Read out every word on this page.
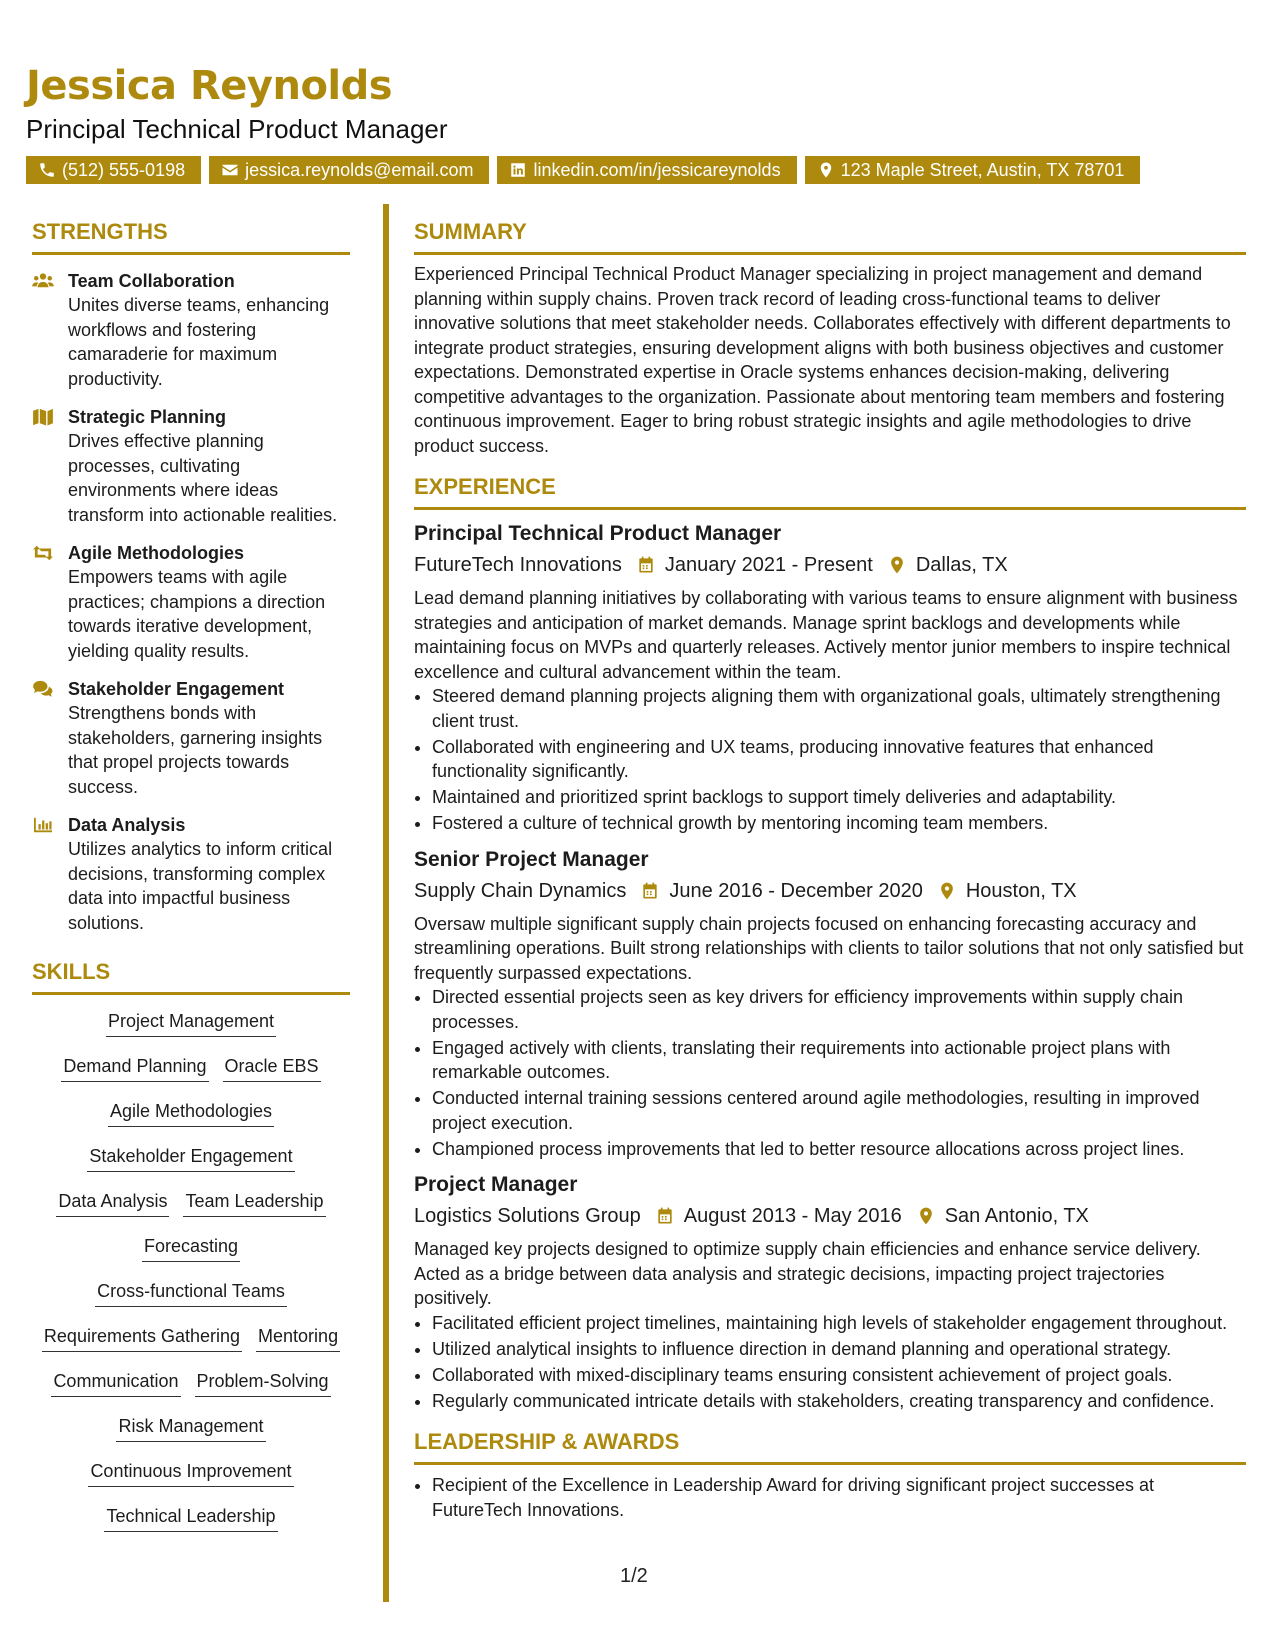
Jessica Reynolds
Principal Technical Product Manager
(512) 555-0198	jessica.reynolds@email.com	linkedin.com/in/jessicareynolds	123 Maple Street, Austin, TX 78701
STRENGTHS
Team Collaboration
Unites diverse teams, enhancing workflows and fostering camaraderie for maximum productivity.
Strategic Planning
Drives effective planning processes, cultivating environments where ideas transform into actionable realities.
Agile Methodologies
Empowers teams with agile practices; champions a direction towards iterative development, yielding quality results.
Stakeholder Engagement
Strengthens bonds with stakeholders, garnering insights that propel projects towards success.
Data Analysis
Utilizes analytics to inform critical decisions, transforming complex data into impactful business solutions.
SKILLS
Project Management
Demand Planning Oracle EBS
Agile Methodologies
Stakeholder Engagement
Data Analysis Team Leadership
Forecasting
Cross-functional Teams
Requirements Gathering Mentoring
Communication Problem-Solving
Risk Management
Continuous Improvement
Technical Leadership
SUMMARY
Experienced Principal Technical Product Manager specializing in project management and demand planning within supply chains. Proven track record of leading cross-functional teams to deliver innovative solutions that meet stakeholder needs. Collaborates effectively with different departments to integrate product strategies, ensuring development aligns with both business objectives and customer expectations. Demonstrated expertise in Oracle systems enhances decision-making, delivering competitive advantages to the organization. Passionate about mentoring team members and fostering continuous improvement. Eager to bring robust strategic insights and agile methodologies to drive product success.
EXPERIENCE
Principal Technical Product Manager
FutureTech Innovations January 2021 - Present Dallas, TX
Lead demand planning initiatives by collaborating with various teams to ensure alignment with business strategies and anticipation of market demands. Manage sprint backlogs and developments while maintaining focus on MVPs and quarterly releases. Actively mentor junior members to inspire technical excellence and cultural advancement within the team.
• Steered demand planning projects aligning them with organizational goals, ultimately strengthening client trust.
• Collaborated with engineering and UX teams, producing innovative features that enhanced functionality significantly.
• Maintained and prioritized sprint backlogs to support timely deliveries and adaptability.
• Fostered a culture of technical growth by mentoring incoming team members.
Senior Project Manager
Supply Chain Dynamics June 2016 - December 2020 Houston, TX
Oversaw multiple significant supply chain projects focused on enhancing forecasting accuracy and streamlining operations. Built strong relationships with clients to tailor solutions that not only satisfied but frequently surpassed expectations.
• Directed essential projects seen as key drivers for efficiency improvements within supply chain processes.
• Engaged actively with clients, translating their requirements into actionable project plans with remarkable outcomes.
• Conducted internal training sessions centered around agile methodologies, resulting in improved project execution.
• Championed process improvements that led to better resource allocations across project lines.
Project Manager
Logistics Solutions Group August 2013 - May 2016 San Antonio, TX
Managed key projects designed to optimize supply chain efficiencies and enhance service delivery. Acted as a bridge between data analysis and strategic decisions, impacting project trajectories positively.
• Facilitated efficient project timelines, maintaining high levels of stakeholder engagement throughout.
• Utilized analytical insights to influence direction in demand planning and operational strategy.
• Collaborated with mixed-disciplinary teams ensuring consistent achievement of project goals.
• Regularly communicated intricate details with stakeholders, creating transparency and confidence.
LEADERSHIP & AWARDS
• Recipient of the Excellence in Leadership Award for driving significant project successes at FutureTech Innovations.
1/2
